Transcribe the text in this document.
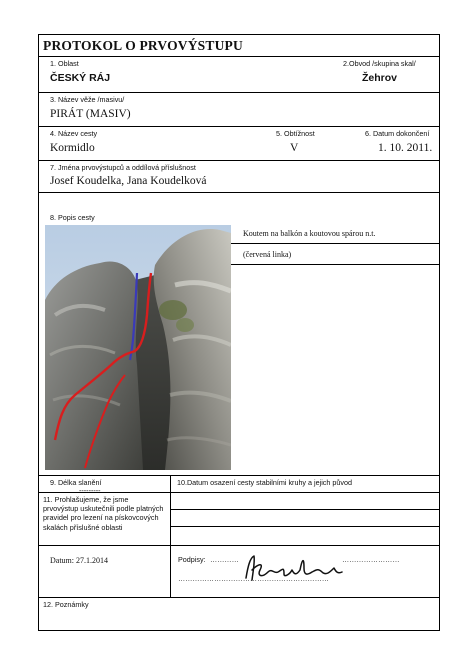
PROTOKOL O PRVOVÝSTUPU
1. Oblast
ČESKÝ RÁJ
2.Obvod /skupina skal/
Žehrov
3. Název věže /masivu/
PIRÁT (MASIV)
4. Název cesty
Kormidlo
5. Obtížnost
V
6. Datum dokončení
1. 10. 2011.
7. Jména prvovýstupců a oddílová příslušnost
Josef Koudelka, Jana Koudelková
8. Popis cesty
Koutem na balkón a koutovou spárou n.t.
(červená linka)
9. Délka slanění
---------
10.Datum osazení cesty stabilními kruhy a jejich původ
11. Prohlašujeme, že jsme prvovýstup uskutečnili podle platných pravidel pro lezení na pískovcových skalách příslušné oblasti
Datum: 27.1.2014	Podpisy: …………	……………………
………………………………………………………
12. Poznámky
